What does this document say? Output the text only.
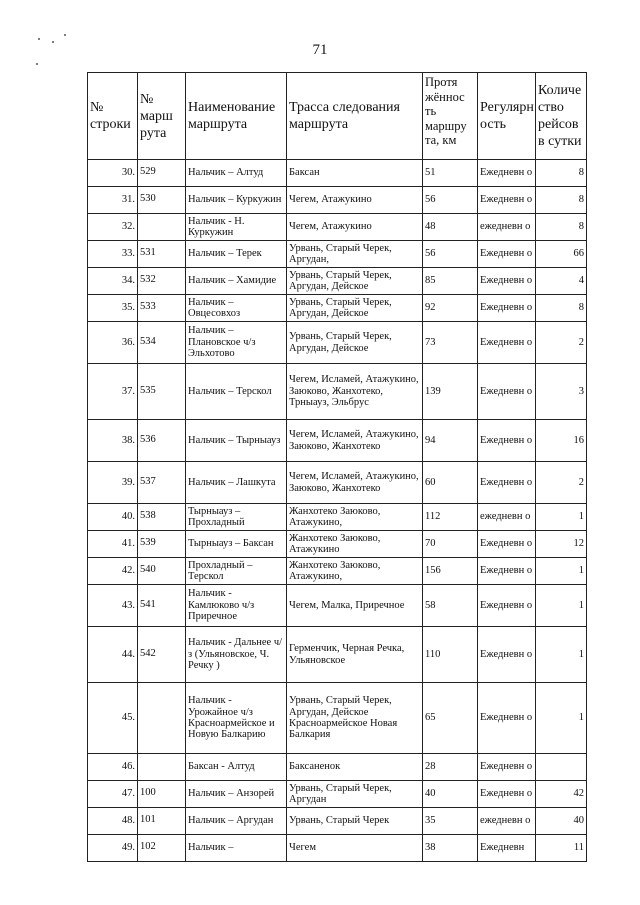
71
№ строки	№ марш рута	Наименование маршрута	Трасса следования маршрута	Протя жённос ть маршру та, км	Регулярн ость	Количе ство рейсов в сутки
30.	529	Нальчик – Алтуд	Баксан	51	Ежедневн о	8
31.	530	Нальчик – Куркужин	Чегем, Атажукино	56	Ежедневн о	8
32.		Нальчик - Н. Куркужин	Чегем, Атажукино	48	ежедневн о	8
33.	531	Нальчик – Терек	Урвань, Старый Черек, Аргудан,	56	Ежедневн о	66
34.	532	Нальчик – Хамидие	Урвань, Старый Черек, Аргудан, Дейское	85	Ежедневн о	4
35.	533	Нальчик – Овцесовхоз	Урвань, Старый Черек, Аргудан, Дейское	92	Ежедневн о	8
36.	534	Нальчик – Плановское ч/з Эльхотово	Урвань, Старый Черек, Аргудан, Дейское	73	Ежедневн о	2
37.	535	Нальчик – Терскол	Чегем, Исламей, Атажукино, Заюково, Жанхотеко, Трныауз, Эльбрус	139	Ежедневн о	3
38.	536	Нальчик – Тырныауз	Чегем, Исламей, Атажукино, Заюково, Жанхотеко	94	Ежедневн о	16
39.	537	Нальчик – Лашкута	Чегем, Исламей, Атажукино, Заюково, Жанхотеко	60	Ежедневн о	2
40.	538	Тырныауз – Прохладный	Жанхотеко Заюково, Атажукино,	112	ежедневн о	1
41.	539	Тырныауз – Баксан	Жанхотеко Заюково, Атажукино	70	Ежедневн о	12
42.	540	Прохладный – Терскол	Жанхотеко Заюково, Атажукино,	156	Ежедневн о	1
43.	541	Нальчик - Камлюково ч/з Приречное	Чегем, Малка, Приречное	58	Ежедневн о	1
44.	542	Нальчик - Дальнее ч/з (Ульяновское, Ч. Речку )	Герменчик, Черная Речка, Ульяновское	110	Ежедневн о	1
45.		Нальчик - Урожайное ч/з Красноармейское и Новую Балкарию	Урвань, Старый Черек, Аргудан, Дейское Красноармейское Новая Балкария	65	Ежедневн о	1
46.		Баксан - Алтуд	Баксаненок	28	Ежедневн о	
47.	100	Нальчик – Анзорей	Урвань, Старый Черек, Аргудан	40	Ежедневн о	42
48.	101	Нальчик – Аргудан	Урвань, Старый Черек	35	ежедневн о	40
49.	102	Нальчик –	Чегем	38	Ежедневн	11
